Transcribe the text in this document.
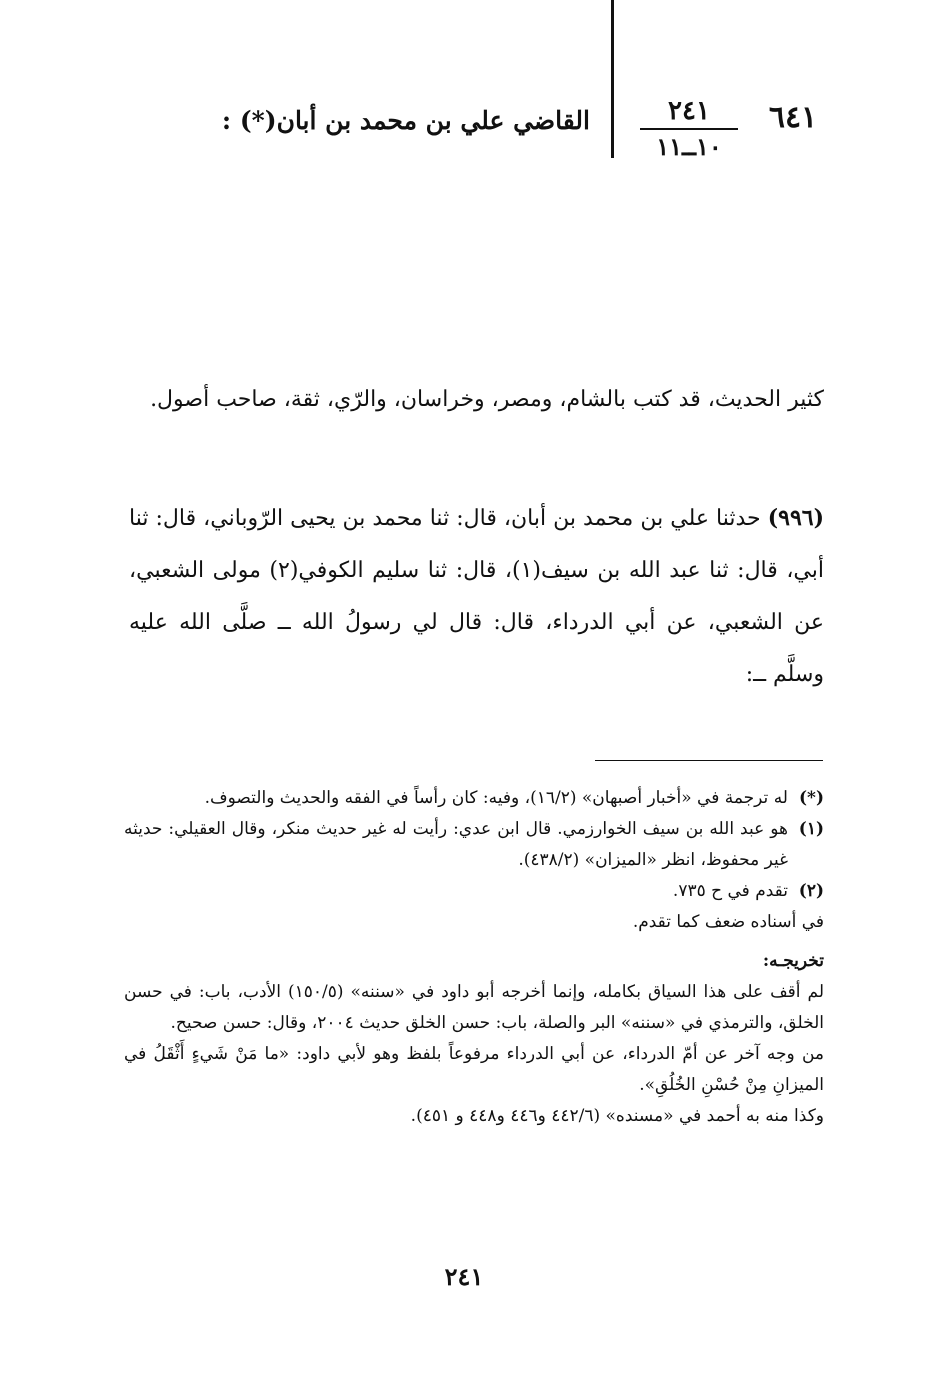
٦٤١
٢٤١
١٠ــ١١
القاضي علي بن محمد بن أبان(*) :
كثير الحديث، قد كتب بالشام، ومصر، وخراسان، والرّي، ثقة، صاحب أصول.
(٩٩٦) حدثنا علي بن محمد بن أبان، قال: ثنا محمد بن يحيى الرّوباني، قال: ثنا أبي، قال: ثنا عبد الله بن سيف(١)، قال: ثنا سليم الكوفي(٢) مولى الشعبي، عن الشعبي، عن أبي الدرداء، قال: قال لي رسولُ الله ــ صلَّى الله عليه وسلَّم ــ:
(*)
له ترجمة في «أخبار أصبهان» (١٦/٢)، وفيه: كان رأساً في الفقه والحديث والتصوف.
(١)
هو عبد الله بن سيف الخوارزمي. قال ابن عدي: رأيت له غير حديث منكر، وقال العقيلي: حديثه غير محفوظ، انظر «الميزان» (٤٣٨/٢).
(٢)
تقدم في ح ٧٣٥.
في أسناده ضعف كما تقدم.
تخريجـه:
لم أقف على هذا السياق بكامله، وإنما أخرجه أبو داود في «سننه» (١٥٠/٥) الأدب، باب: في حسن الخلق، والترمذي في «سننه» البر والصلة، باب: حسن الخلق حديث ٢٠٠٤، وقال: حسن صحيح.
من وجه آخر عن أمّ الدرداء، عن أبي الدرداء مرفوعاً بلفظ وهو لأبي داود: «ما مَنْ شَيءٍ أَثْقَلُ في الميزانِ مِنْ حُسْنِ الخُلُقِ».
وكذا منه به أحمد في «مسنده» (٤٤٢/٦ و٤٤٦ و٤٤٨ و ٤٥١).
٢٤١
